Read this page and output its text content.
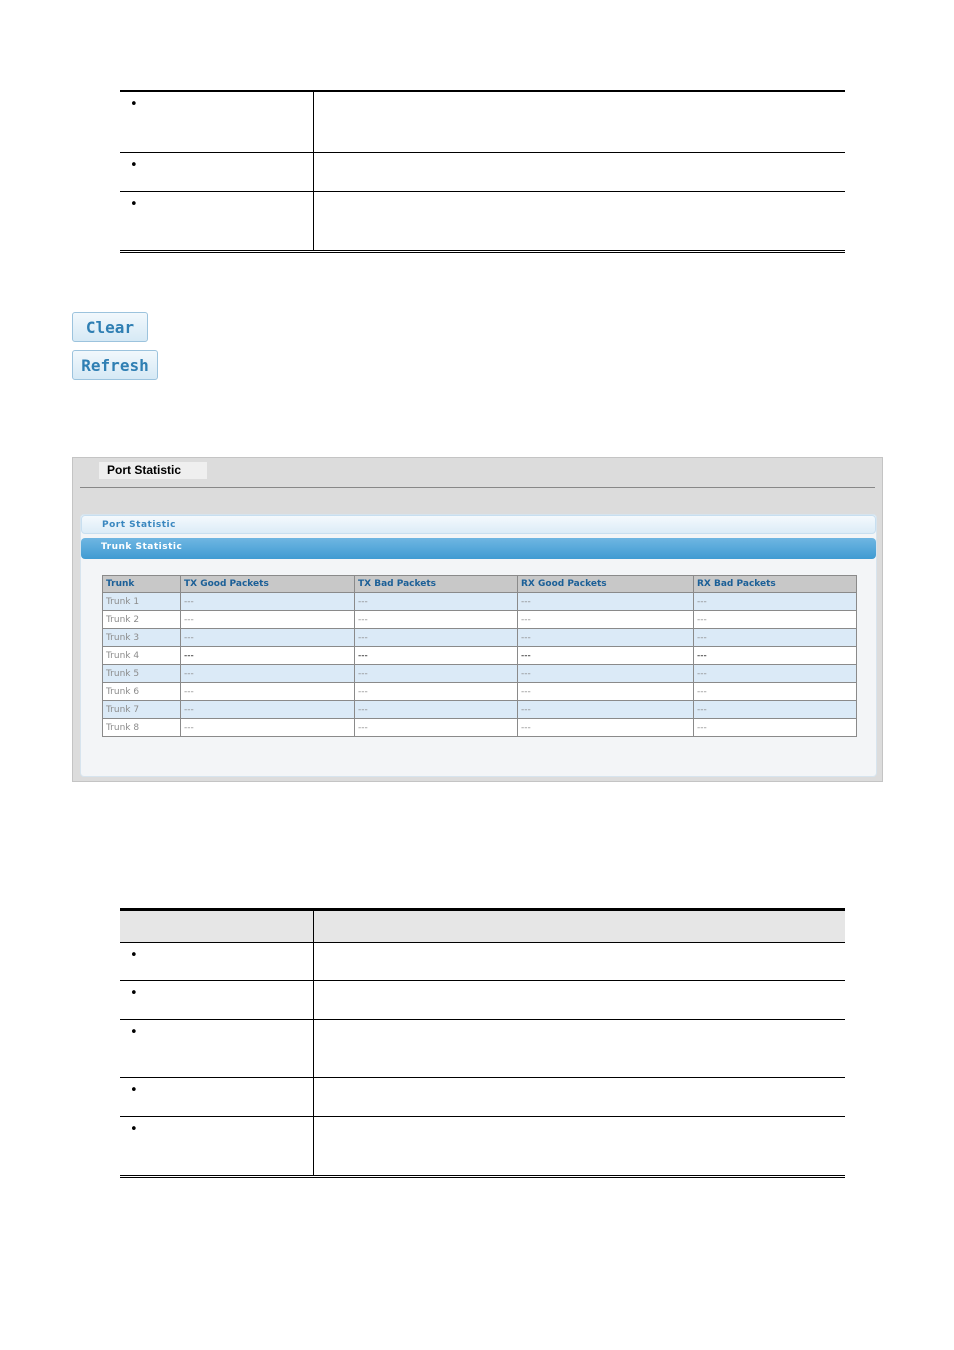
•	
•	
•	
Clear
Refresh
Port Statistic
Port Statistic
Trunk Statistic
Trunk	TX Good Packets	TX Bad Packets	RX Good Packets	RX Bad Packets
Trunk 1	---	---	---	---
Trunk 2	---	---	---	---
Trunk 3	---	---	---	---
Trunk 4	---	---	---	---
Trunk 5	---	---	---	---
Trunk 6	---	---	---	---
Trunk 7	---	---	---	---
Trunk 8	---	---	---	---

•	
•	
•	
•	
•	
